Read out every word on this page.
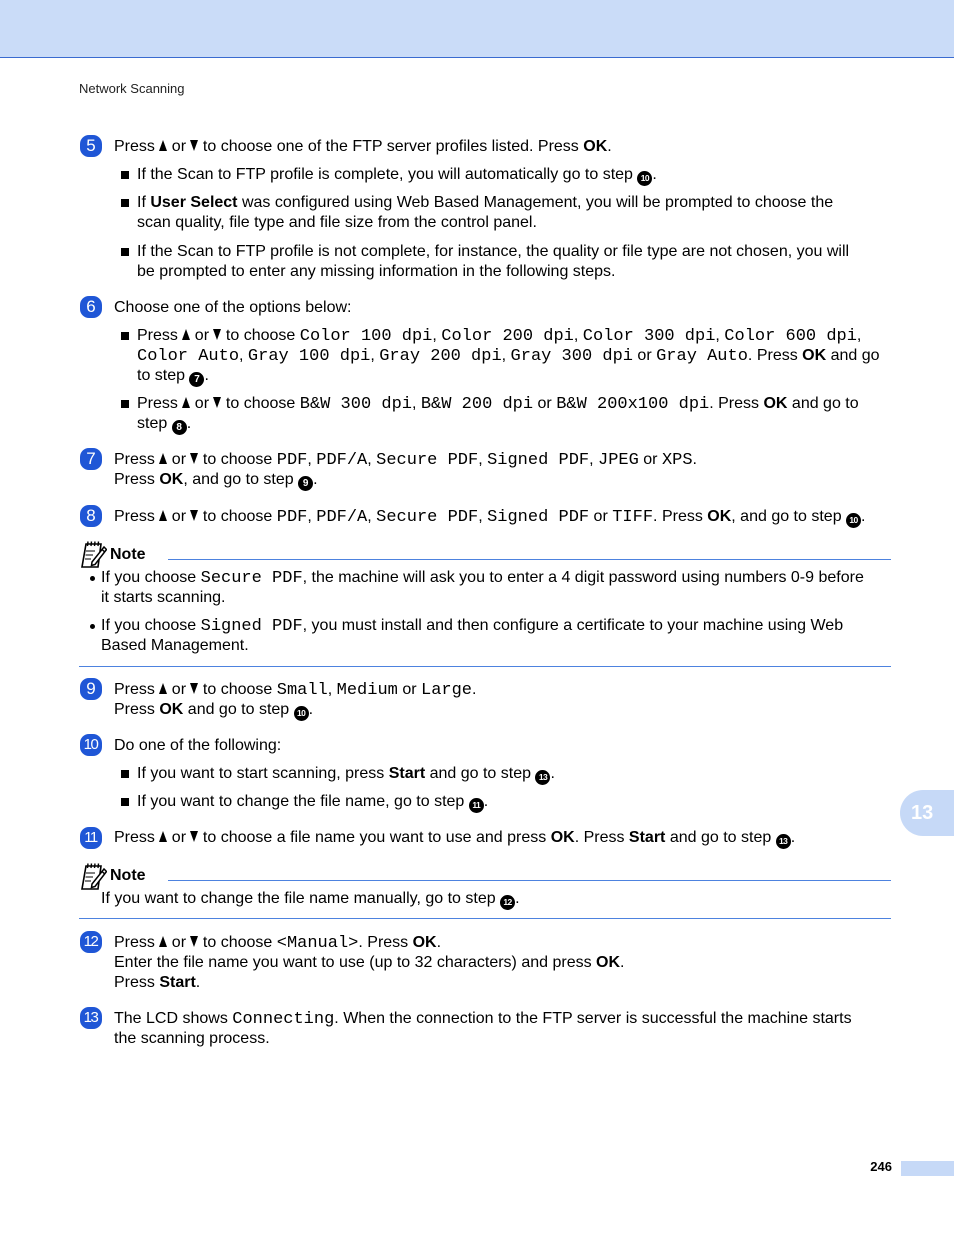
Network Scanning
5	Press  or  to choose one of the FTP server profiles listed. Press OK.
If the Scan to FTP profile is complete, you will automatically go to step 10 .
If User Select was configured using Web Based Management, you will be prompted to choose the
scan quality, file type and file size from the control panel.
If the Scan to FTP profile is not complete, for instance, the quality or file type are not chosen, you will
be prompted to enter any missing information in the following steps.
6	Choose one of the options below:
Press  or  to choose Color 100 dpi, Color 200 dpi, Color 300 dpi, Color 600 dpi,
Color Auto, Gray 100 dpi, Gray 200 dpi, Gray 300 dpi or Gray Auto. Press OK and go
to step 7 .
Press  or  to choose B&W 300 dpi, B&W 200 dpi or B&W 200x100 dpi. Press OK and go to
step 8 .
7	Press  or  to choose PDF, PDF/A, Secure PDF, Signed PDF, JPEG or XPS.
Press OK, and go to step 9 .
8	Press  or  to choose PDF, PDF/A, Secure PDF, Signed PDF or TIFF. Press OK, and go to step 10 .
Note
If you choose Secure PDF, the machine will ask you to enter a 4 digit password using numbers 0-9 before
it starts scanning.
If you choose Signed PDF, you must install and then configure a certificate to your machine using Web
Based Management.
9	Press  or  to choose Small, Medium or Large.
Press OK and go to step 10 .
10 Do one of the following:
If you want to start scanning, press Start and go to step 13 .
If you want to change the file name, go to step 11 .
11	Press  or  to choose a file name you want to use and press OK. Press Start and go to step 13 .
Note
If you want to change the file name manually, go to step 12 .
12 Press  or  to choose <Manual>. Press OK.
Enter the file name you want to use (up to 32 characters) and press OK.
Press Start.
13 The LCD shows Connecting. When the connection to the FTP server is successful the machine starts
the scanning process.
13
246
